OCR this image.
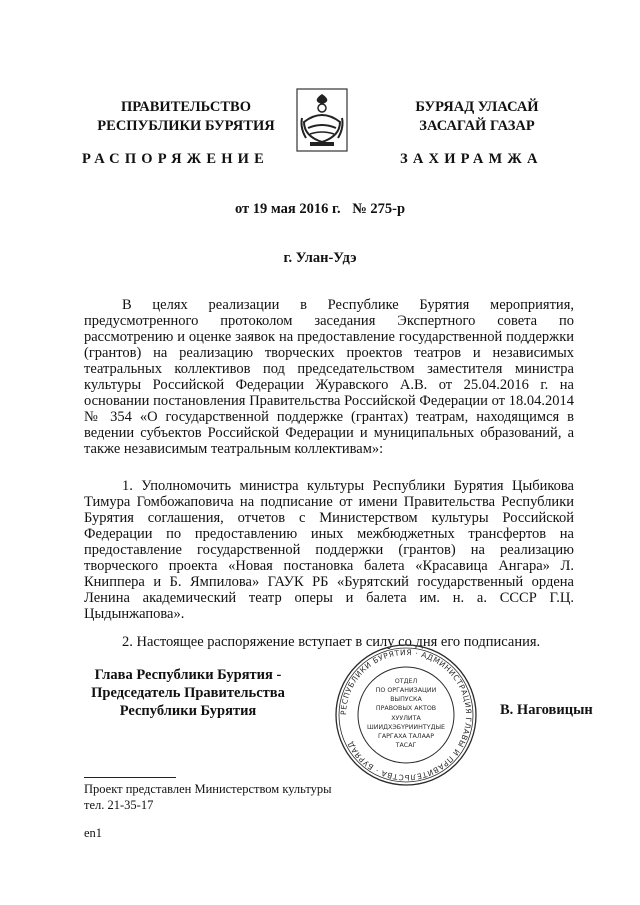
ПРАВИТЕЛЬСТВО
РЕСПУБЛИКИ БУРЯТИЯ
БУРЯАД УЛАСАЙ
ЗАСАГАЙ ГАЗАР
РАСПОРЯЖЕНИЕ	ЗАХИРАМЖА
от 19 мая 2016 г. № 275-р
г. Улан-Удэ
В целях реализации в Республике Бурятия мероприятия, предусмотренного протоколом заседания Экспертного совета по рассмотрению и оценке заявок на предоставление государственной поддержки (грантов) на реализацию творческих проектов театров и независимых театральных коллективов под председательством заместителя министра культуры Российской Федерации Журавского А.В. от 25.04.2016 г. на основании постановления Правительства Российской Федерации от 18.04.2014 № 354 «О государственной поддержке (грантах) театрам, находящимся в ведении субъектов Российской Федерации и муниципальных образований, а также независимым театральным коллективам»:
1. Уполномочить министра культуры Республики Бурятия Цыбикова Тимура Гомбожаповича на подписание от имени Правительства Республики Бурятия соглашения, отчетов с Министерством культуры Российской Федерации по предоставлению иных межбюджетных трансфертов на предоставление государственной поддержки (грантов) на реализацию творческого проекта «Новая постановка балета «Красавица Ангара» Л. Книппера и Б. Ямпилова» ГАУК РБ «Бурятский государственный ордена Ленина академический театр оперы и балета им. н. а. СССР Г.Ц. Цыдынжапова».
2. Настоящее распоряжение вступает в силу со дня его подписания.
РЕСПУБЛИКИ БУРЯТИЯ · АДМИНИСТРАЦИЯ ГЛАВЫ И ПРАВИТЕЛЬСТВА · БУРЯАД
ОТДЕЛ
ПО ОРГАНИЗАЦИИ
ВЫПУСКА
ПРАВОВЫХ АКТОВ
ХУУЛИТА
ШИИДХЭБҮРИИНТҮДЫЕ
ГАРГАХА ТАЛААР
ТАСАГ
Глава Республики Бурятия -
Председатель Правительства
Республики Бурятия	В. Наговицын
Проект представлен Министерством культуры
тел. 21-35-17
en1
